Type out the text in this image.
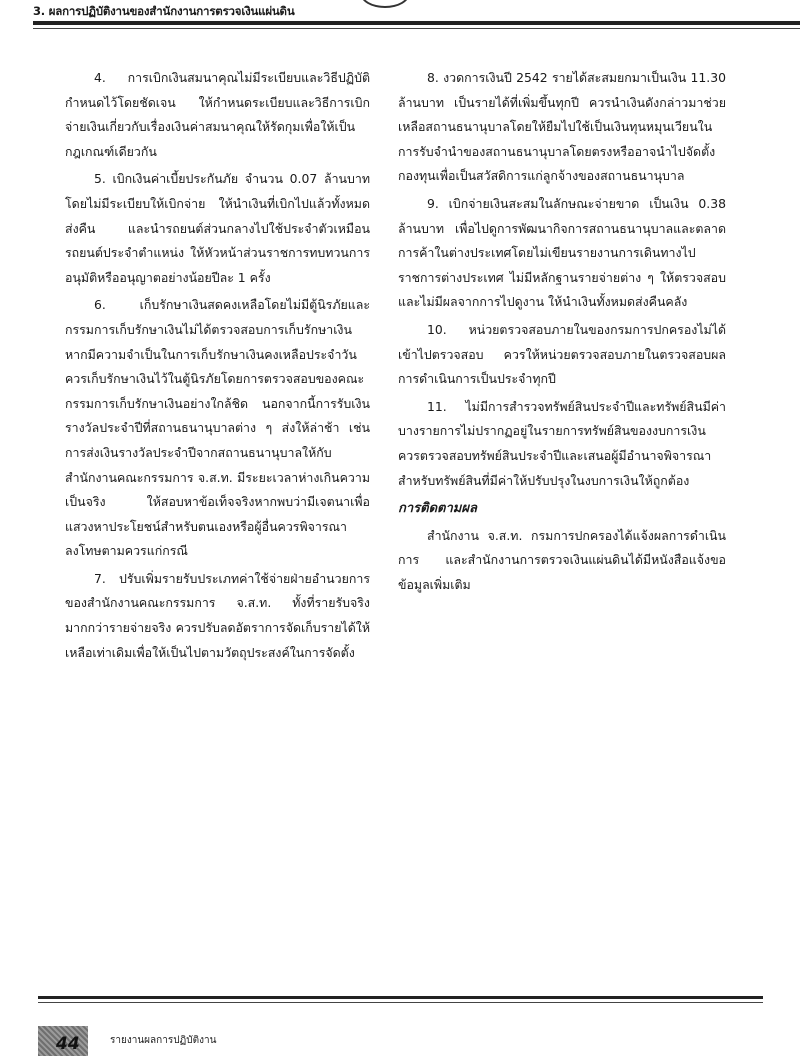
3. ผลการปฏิบัติงานของสำนักงานการตรวจเงินแผ่นดิน

4. การเบิกเงินสมนาคุณไม่มีระเบียบและวิธีปฏิบัติกำหนดไว้โดยชัดเจน ให้กำหนดระเบียบและวิธีการเบิกจ่ายเงินเกี่ยวกับเรื่องเงินค่าสมนาคุณให้รัดกุมเพื่อให้เป็นกฎเกณฑ์เดียวกัน

5. เบิกเงินค่าเบี้ยประกันภัย จำนวน 0.07 ล้านบาท โดยไม่มีระเบียบให้เบิกจ่าย ให้นำเงินที่เบิกไปแล้วทั้งหมดส่งคืน และนำรถยนต์ส่วนกลางไปใช้ประจำตัวเหมือนรถยนต์ประจำตำแหน่ง ให้หัวหน้าส่วนราชการทบทวนการอนุมัติหรืออนุญาตอย่างน้อยปีละ 1 ครั้ง

6. เก็บรักษาเงินสดคงเหลือโดยไม่มีตู้นิรภัยและกรรมการเก็บรักษาเงินไม่ได้ตรวจสอบการเก็บรักษาเงิน หากมีความจำเป็นในการเก็บรักษาเงินคงเหลือประจำวัน ควรเก็บรักษาเงินไว้ในตู้นิรภัยโดยการตรวจสอบของคณะกรรมการเก็บรักษาเงินอย่างใกล้ชิด นอกจากนี้การรับเงินรางวัลประจำปีที่สถานธนานุบาลต่าง ๆ ส่งให้ล่าช้า เช่น การส่งเงินรางวัลประจำปีจากสถานธนานุบาลให้กับสำนักงานคณะกรรมการ จ.ส.ท. มีระยะเวลาห่างเกินความเป็นจริง ให้สอบหาข้อเท็จจริงหากพบว่ามีเจตนาเพื่อแสวงหาประโยชน์สำหรับตนเองหรือผู้อื่นควรพิจารณาลงโทษตามควรแก่กรณี

7. ปรับเพิ่มรายรับประเภทค่าใช้จ่ายฝ่ายอำนวยการของสำนักงานคณะกรรมการ จ.ส.ท. ทั้งที่รายรับจริงมากกว่ารายจ่ายจริง ควรปรับลดอัตราการจัดเก็บรายได้ให้เหลือเท่าเดิมเพื่อให้เป็นไปตามวัตถุประสงค์ในการจัดตั้ง

8. งวดการเงินปี 2542 รายได้สะสมยกมาเป็นเงิน 11.30 ล้านบาท เป็นรายได้ที่เพิ่มขึ้นทุกปี ควรนำเงินดังกล่าวมาช่วยเหลือสถานธนานุบาลโดยให้ยืมไปใช้เป็นเงินทุนหมุนเวียนในการรับจำนำของสถานธนานุบาลโดยตรงหรืออาจนำไปจัดตั้งกองทุนเพื่อเป็นสวัสดิการแก่ลูกจ้างของสถานธนานุบาล

9. เบิกจ่ายเงินสะสมในลักษณะจ่ายขาด เป็นเงิน 0.38 ล้านบาท เพื่อไปดูการพัฒนากิจการสถานธนานุบาลและตลาดการค้าในต่างประเทศโดยไม่เขียนรายงานการเดินทางไปราชการต่างประเทศ ไม่มีหลักฐานรายจ่ายต่าง ๆ ให้ตรวจสอบ และไม่มีผลจากการไปดูงาน ให้นำเงินทั้งหมดส่งคืนคลัง

10. หน่วยตรวจสอบภายในของกรมการปกครองไม่ได้เข้าไปตรวจสอบ ควรให้หน่วยตรวจสอบภายในตรวจสอบผลการดำเนินการเป็นประจำทุกปี

11. ไม่มีการสำรวจทรัพย์สินประจำปีและทรัพย์สินมีค่าบางรายการไม่ปรากฏอยู่ในรายการทรัพย์สินของงบการเงิน ควรตรวจสอบทรัพย์สินประจำปีและเสนอผู้มีอำนาจพิจารณาสำหรับทรัพย์สินที่มีค่าให้ปรับปรุงในงบการเงินให้ถูกต้อง

การติดตามผล

สำนักงาน จ.ส.ท. กรมการปกครองได้แจ้งผลการดำเนินการ และสำนักงานการตรวจเงินแผ่นดินได้มีหนังสือแจ้งขอข้อมูลเพิ่มเติม

44	รายงานผลการปฏิบัติงาน
